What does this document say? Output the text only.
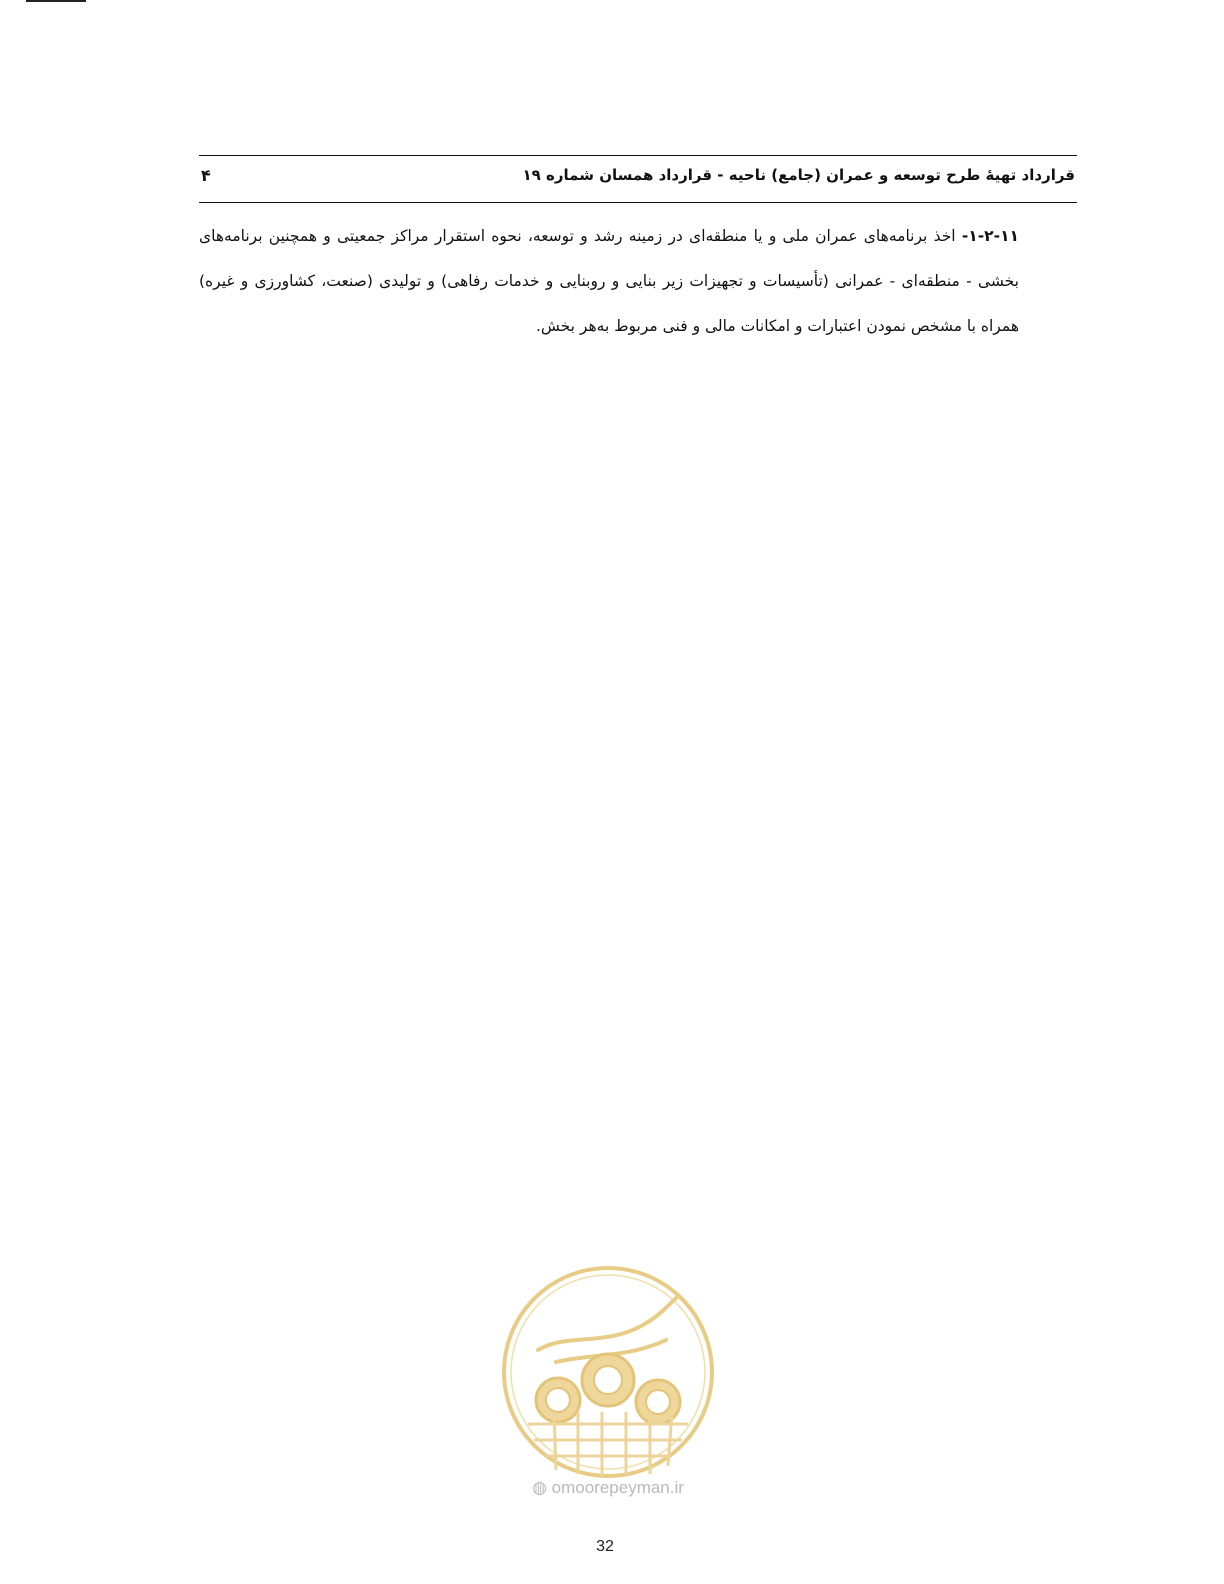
قرارداد تهیهٔ طرح توسعه و عمران (جامع) ناحیه - قرارداد همسان شماره ۱۹
۴
۱-۲-۱۱- اخذ برنامه‌های عمران ملی و یا منطقه‌ای در زمینه رشد و توسعه، نحوه استقرار مراکز جمعیتی و همچنین برنامه‌های بخشی - منطقه‌ای - عمرانی (تأسیسات و تجهیزات زیر بنایی و روبنایی و خدمات رفاهی) و تولیدی (صنعت، کشاورزی و غیره) همراه با مشخص نمودن اعتبارات و امکانات مالی و فنی مربوط به‌هر بخش.
◍ omoorepeyman.ir
32
